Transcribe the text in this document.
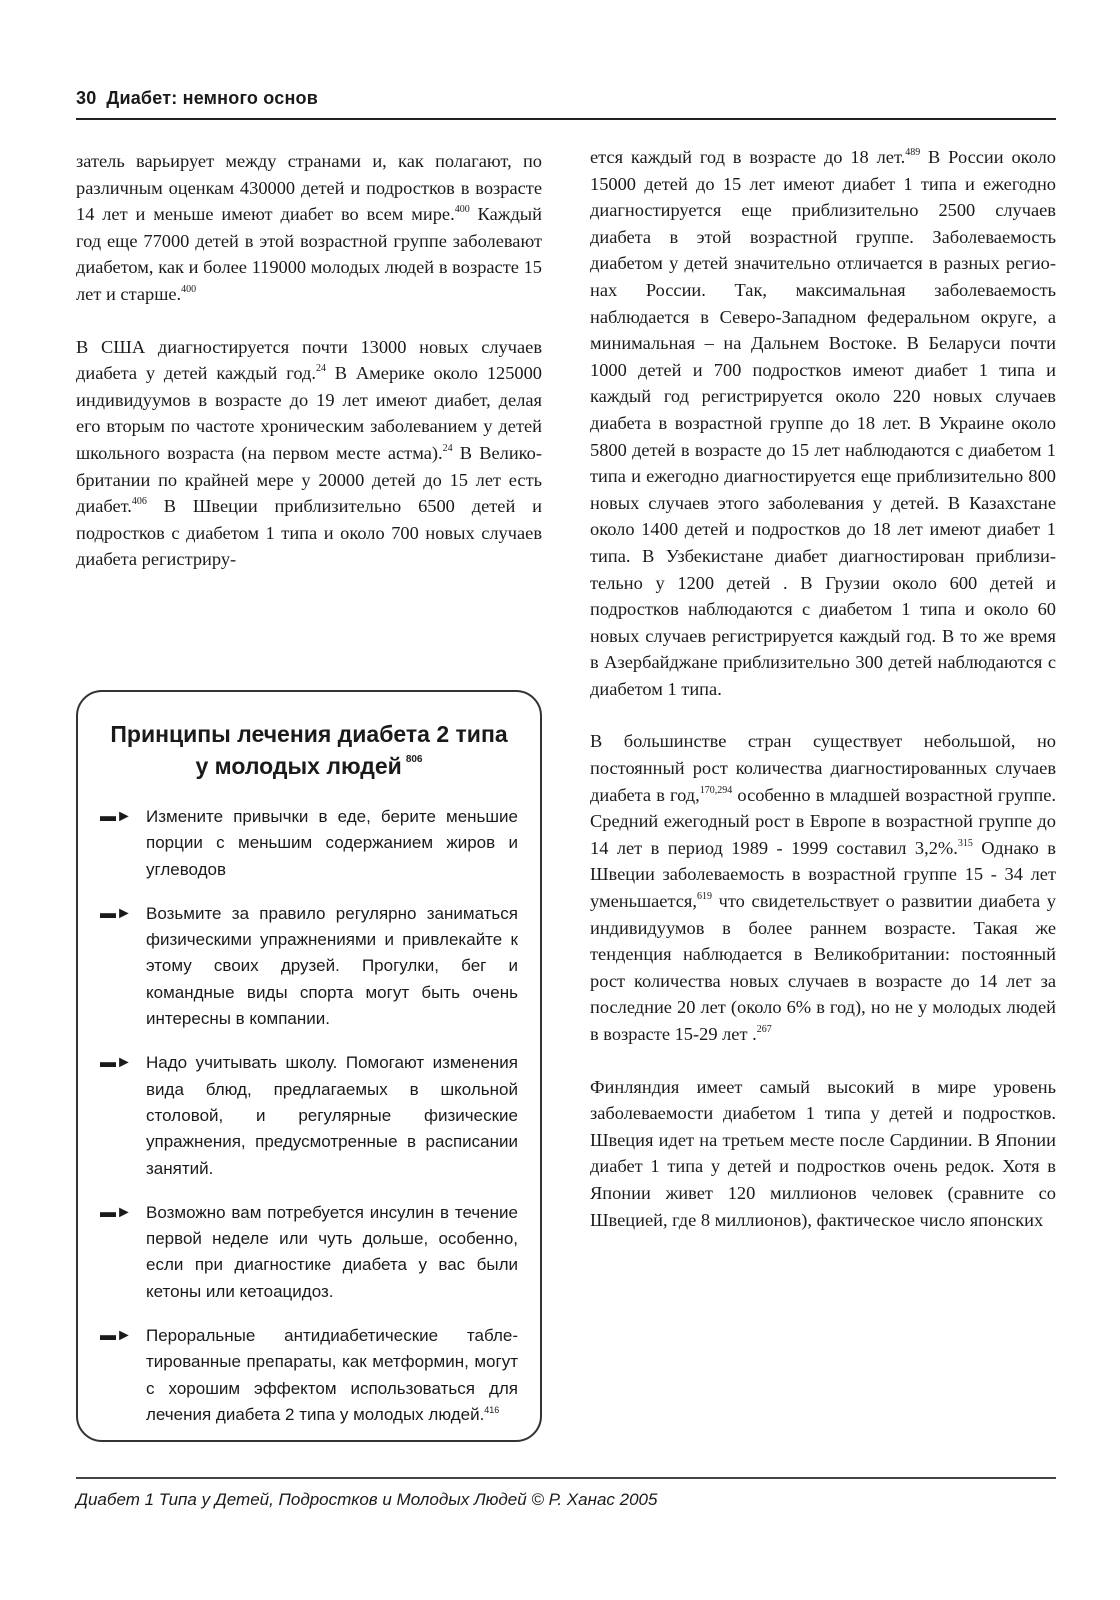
30 Диабет: немного основ

затель варьирует между странами и, как полагают, по различным оценкам 430000 детей и подростков в возрасте 14 лет и меньше имеют диабет во всем мире.$^{400}$ Каждый год еще 77000 детей в этой возрастной группе заболевают диабетом, как и более 119000 молодых людей в возрасте 15 лет и старше.$^{400}$

В США диагностируется почти 13000 новых случаев диабета у детей каждый год.$^{24}$ В Америке около 125000 индивидуумов в возрасте до 19 лет имеют диабет, делая его вторым по частоте хроническим заболеванием у детей школьного возраста (на первом месте астма).$^{24}$ В Великобритании по крайней мере у 20000 детей до 15 лет есть диабет.$^{406}$ В Швеции приблизительно 6500 детей и подростков с диабетом 1 типа и около 700 новых случаев диабета регистриру-

Принципы лечения диабета 2 типа у молодых людей $^{806}$
▬► Измените привычки в еде, берите меньшие порции с меньшим содержанием жиров и углеводов
▬► Возьмите за правило регулярно заниматься физическими упражнениями и привлекайте к этому своих друзей. Прогулки, бег и командные виды спорта могут быть очень интересны в компании.
▬► Надо учитывать школу. Помогают изменения вида блюд, предлагаемых в школьной столовой, и регулярные физические упражнения, предусмотренные в расписании занятий.
▬► Возможно вам потребуется инсулин в течение первой неделе или чуть дольше, особенно, если при диагностике диабета у вас были кетоны или кетоацидоз.
▬► Пероральные антидиабетические таблетированные препараты, как метформин, могут с хорошим эффектом использоваться для лечения диабета 2 типа у молодых людей.$^{416}$

ется каждый год в возрасте до 18 лет.$^{489}$ В России около 15000 детей до 15 лет имеют диабет 1 типа и ежегодно диагностируется еще приблизительно 2500 случаев диабета в этой возрастной группе. Заболеваемость диабетом у детей значительно отличается в разных регионах России. Так, максимальная заболеваемость наблюдается в Северо-Западном федеральном округе, а минимальная – на Дальнем Востоке. В Беларуси почти 1000 детей и 700 подростков имеют диабет 1 типа и каждый год регистрируется около 220 новых случаев диабета в возрастной группе до 18 лет. В Украине около 5800 детей в возрасте до 15 лет наблюдаются с диабетом 1 типа и ежегодно диагностируется еще приблизительно 800 новых случаев этого заболевания у детей. В Казахстане около 1400 детей и подростков до 18 лет имеют диабет 1 типа. В Узбекистане диабет диагностирован приблизительно у 1200 детей . В Грузии около 600 детей и подростков наблюдаются с диабетом 1 типа и около 60 новых случаев регистрируется каждый год. В то же время в Азербайджане приблизительно 300 детей наблюдаются с диабетом 1 типа.

В большинстве стран существует небольшой, но постоянный рост количества диагностированных случаев диабета в год,$^{170,294}$ особенно в младшей возрастной группе. Средний ежегодный рост в Европе в возрастной группе до 14 лет в период 1989 - 1999 составил 3,2%.$^{315}$ Однако в Швеции заболеваемость в возрастной группе 15 - 34 лет уменьшается,$^{619}$ что свидетельствует о развитии диабета у индивидуумов в более раннем возрасте. Такая же тенденция наблюдается в Великобритании: постоянный рост количества новых случаев в возрасте до 14 лет за последние 20 лет (около 6% в год), но не у молодых людей в возрасте 15-29 лет .$^{267}$

Финляндия имеет самый высокий в мире уровень заболеваемости диабетом 1 типа у детей и подростков. Швеция идет на третьем месте после Сардинии. В Японии диабет 1 типа у детей и подростков очень редок. Хотя в Японии живет 120 миллионов человек (сравните со Швецией, где 8 миллионов), фактическое число японских

Диабет 1 Типа у Детей, Подростков и Молодых Людей © Р. Ханас 2005
